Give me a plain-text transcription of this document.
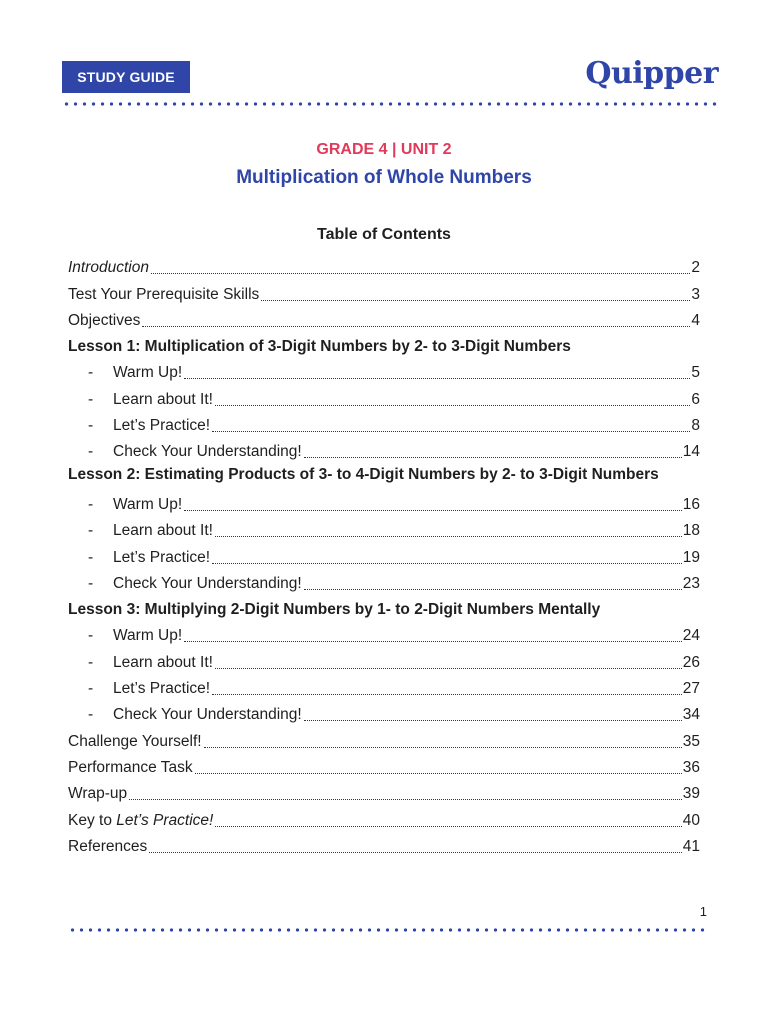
STUDY GUIDE	Quipper
GRADE 4 | UNIT 2
Multiplication of Whole Numbers
Table of Contents
Introduction	2
Test Your Prerequisite Skills	3
Objectives	4
Lesson 1: Multiplication of 3-Digit Numbers by 2- to 3-Digit Numbers
-	Warm Up!	5
-	Learn about It!	6
-	Let’s Practice!	8
-	Check Your Understanding!	14
Lesson 2: Estimating Products of 3- to 4-Digit Numbers by 2- to 3-Digit Numbers
-	Warm Up!	16
-	Learn about It!	18
-	Let’s Practice!	19
-	Check Your Understanding!	23
Lesson 3: Multiplying 2-Digit Numbers by 1- to 2-Digit Numbers Mentally
-	Warm Up!	24
-	Learn about It!	26
-	Let’s Practice!	27
-	Check Your Understanding!	34
Challenge Yourself!	35
Performance Task	36
Wrap-up	39
Key to Let’s Practice!	40
References	41
1
